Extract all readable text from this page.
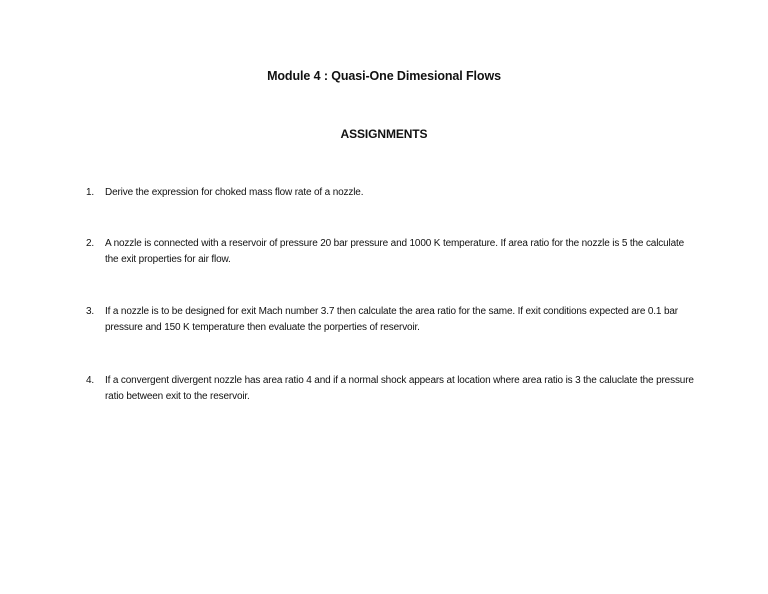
Module 4 : Quasi-One Dimesional Flows
ASSIGNMENTS
1.	Derive the expression for choked mass flow rate of a nozzle.
2.	A nozzle is connected with a reservoir of pressure 20 bar pressure and 1000 K temperature. If area ratio for the nozzle is 5 the calculate the exit properties for air flow.
3.	If a nozzle is to be designed for exit Mach number 3.7 then calculate the area ratio for the same. If exit conditions expected are 0.1 bar pressure and 150 K temperature then evaluate the porperties of reservoir.
4.	If a convergent divergent nozzle has area ratio 4 and if a normal shock appears at location where area ratio is 3 the caluclate the pressure ratio between exit to the reservoir.
